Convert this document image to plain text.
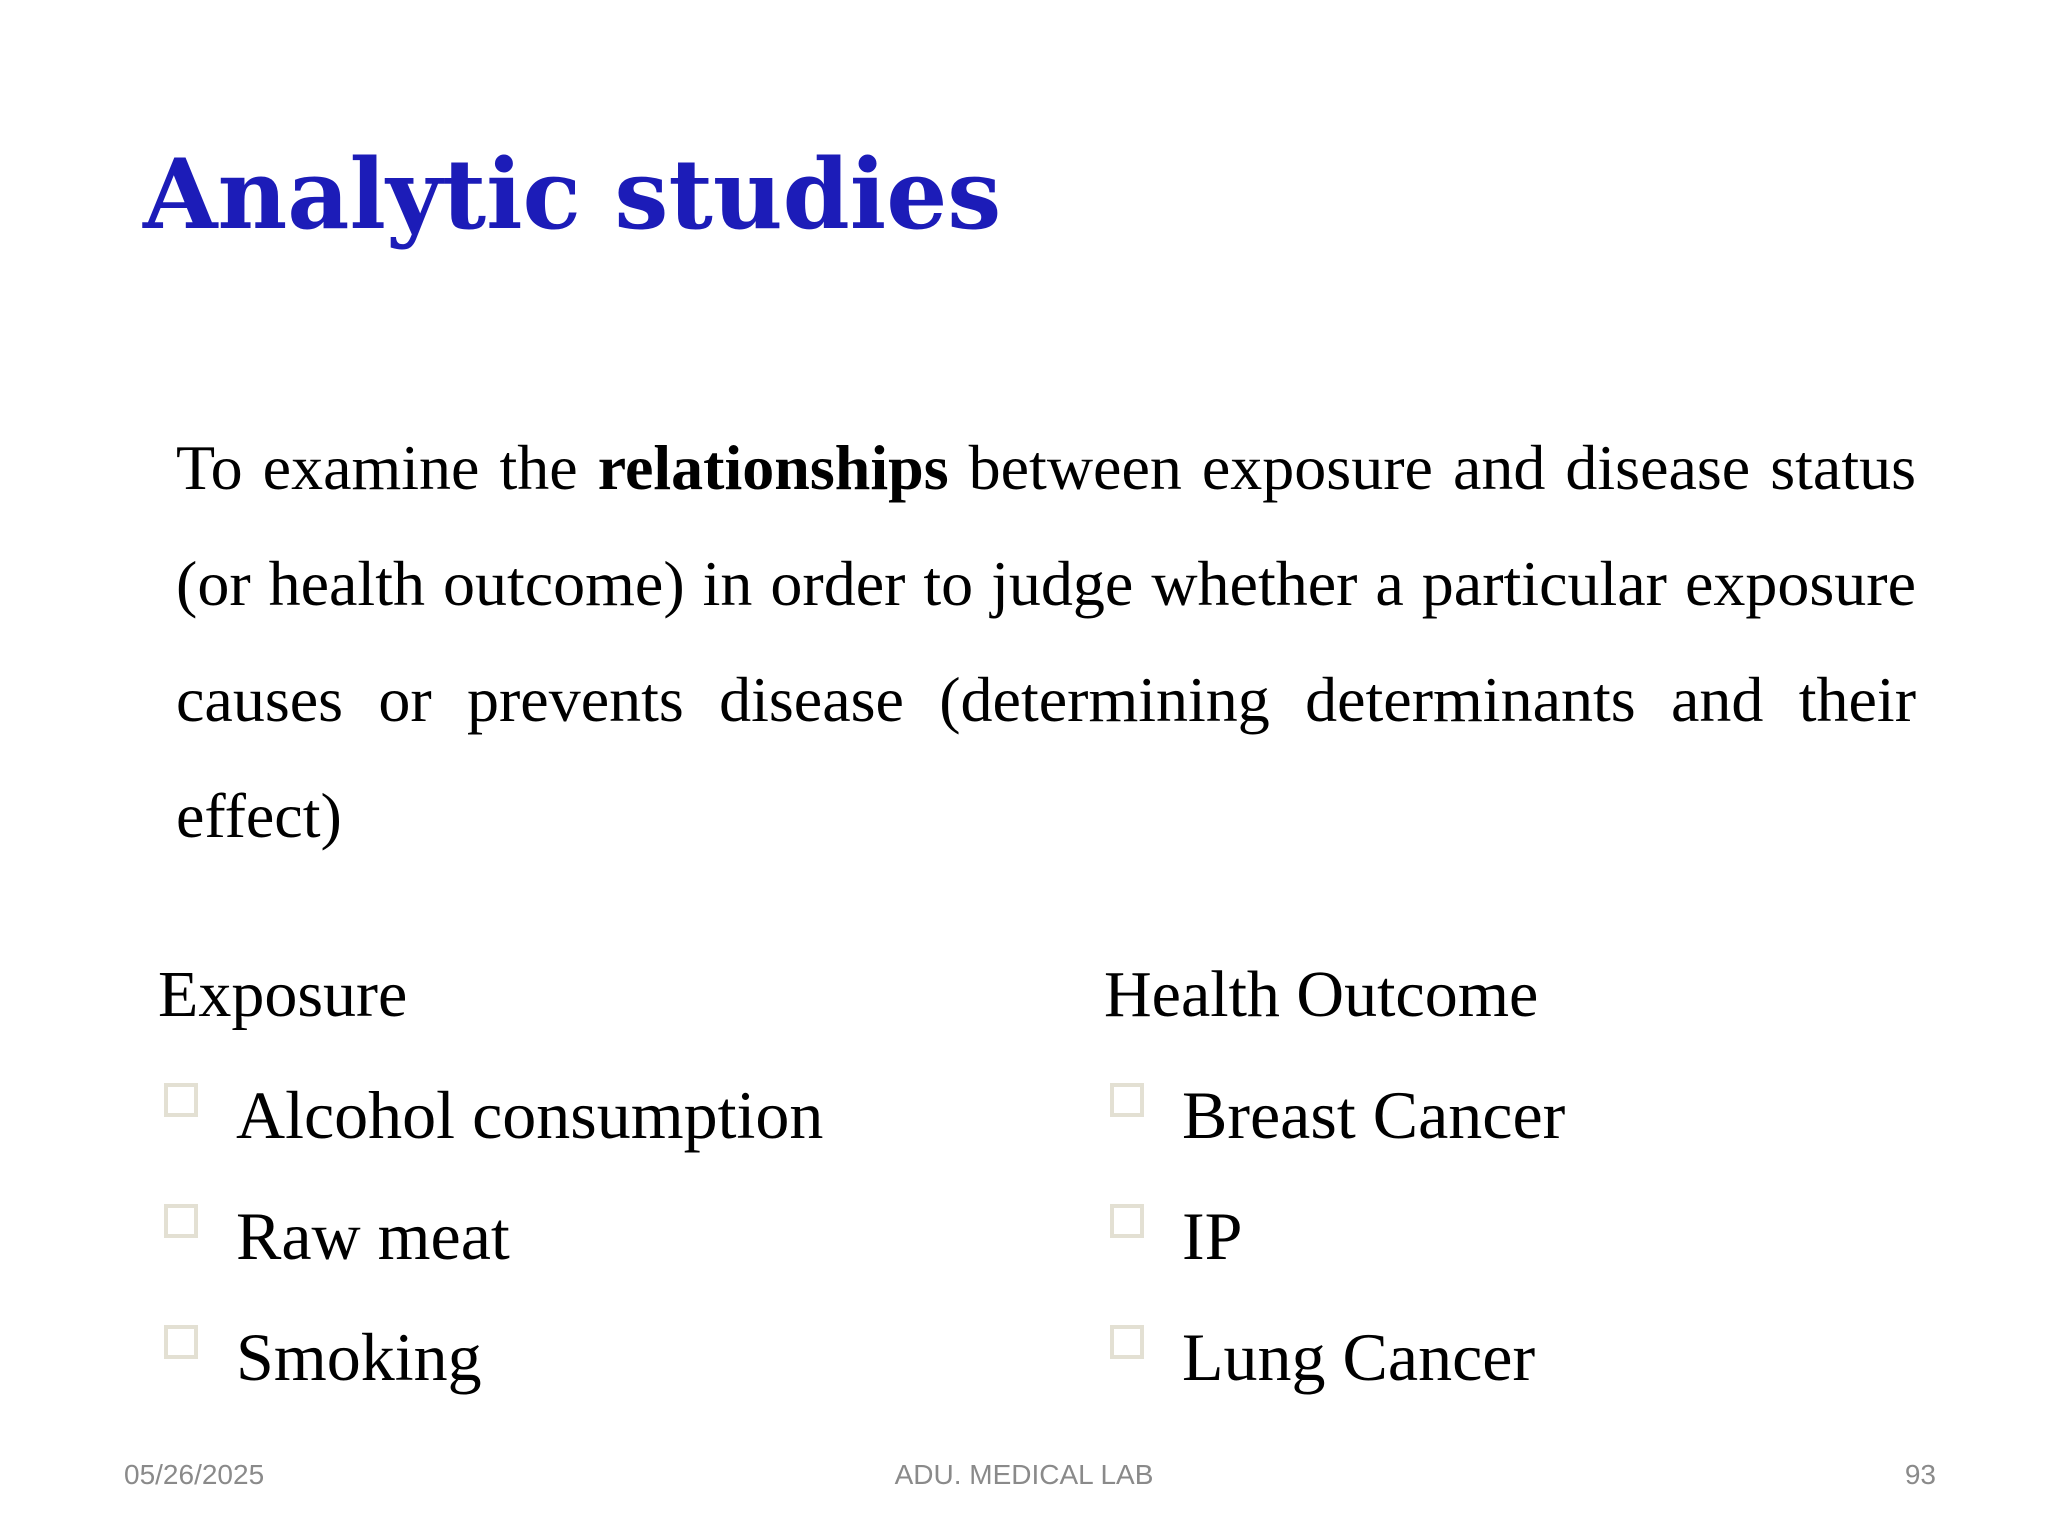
Analytic studies

To examine the relationships between exposure and disease status (or health outcome) in order to judge whether a particular exposure causes or prevents disease (determining determinants and their effect)

Exposure
Alcohol consumption
Raw meat
Smoking
Health Outcome
Breast Cancer
IP
Lung Cancer
ADU. MEDICAL LAB
05/26/2025	93
